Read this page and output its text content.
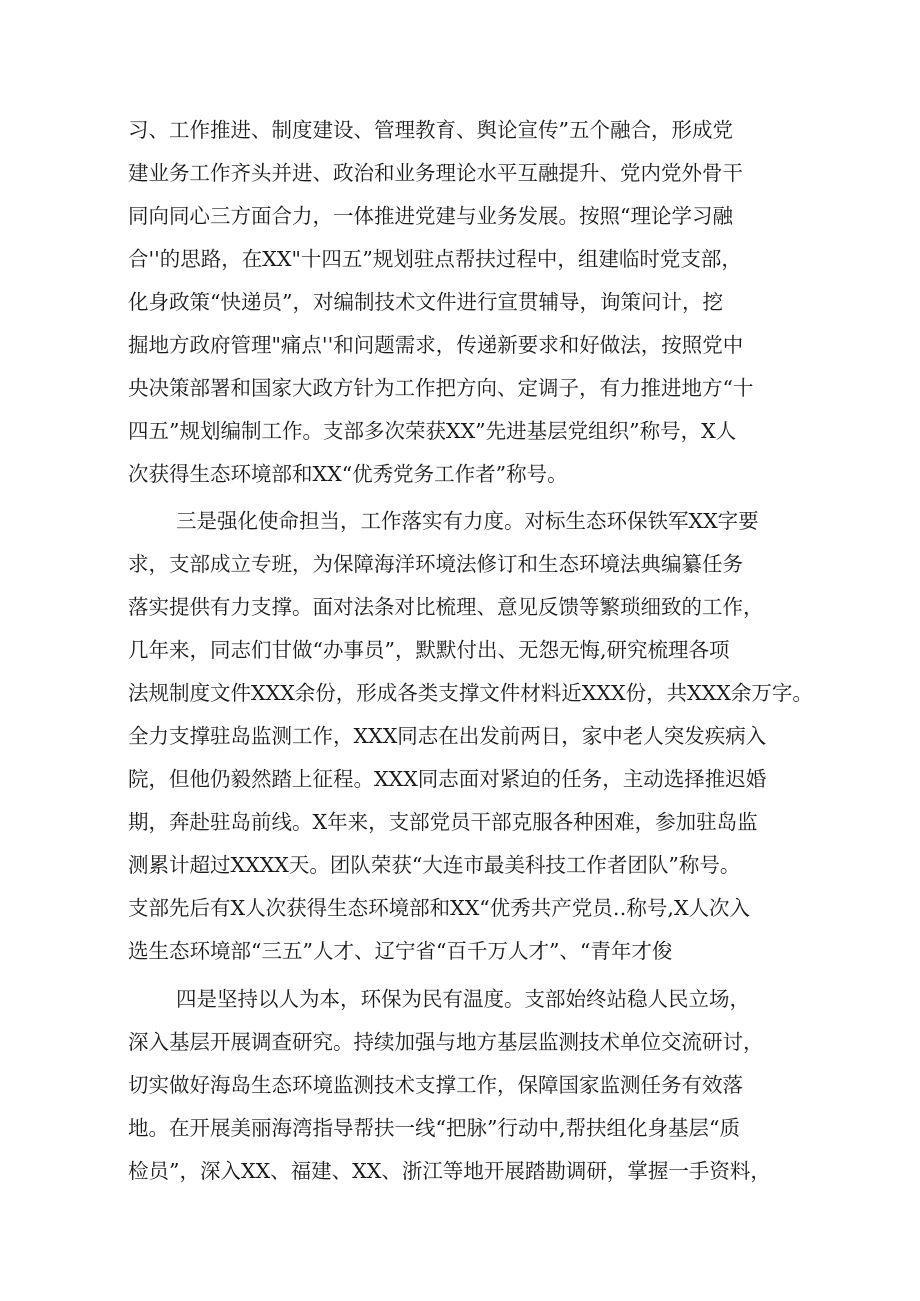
习、工作推进、制度建设、管理教育、舆论宣传”五个融合，形成党
建业务工作齐头并进、政治和业务理论水平互融提升、党内党外骨干
同向同心三方面合力，一体推进党建与业务发展。按照“理论学习融
合''的思路，在XX"十四五”规划驻点帮扶过程中，组建临时党支部，
化身政策“快递员”，对编制技术文件进行宣贯辅导，询策问计，挖
掘地方政府管理"痛点''和问题需求，传递新要求和好做法，按照党中
央决策部署和国家大政方针为工作把方向、定调子，有力推进地方“十
四五”规划编制工作。支部多次荣获XX”先进基层党组织”称号，X人
次获得生态环境部和XX“优秀党务工作者”称号。
三是强化使命担当，工作落实有力度。对标生态环保铁军XX字要
求，支部成立专班，为保障海洋环境法修订和生态环境法典编纂任务
落实提供有力支撑。面对法条对比梳理、意见反馈等繁琐细致的工作，
几年来，同志们甘做“办事员”，默默付出、无怨无悔,研究梳理各项
法规制度文件XXX余份，形成各类支撑文件材料近XXX份，共XXX余万字。
全力支撑驻岛监测工作，XXX同志在出发前两日，家中老人突发疾病入
院，但他仍毅然踏上征程。XXX同志面对紧迫的任务，主动选择推迟婚
期，奔赴驻岛前线。X年来，支部党员干部克服各种困难，参加驻岛监
测累计超过XXXX天。团队荣获“大连市最美科技工作者团队”称号。
支部先后有X人次获得生态环境部和XX“优秀共产党员‥称号,X人次入
选生态环境部“三五”人才、辽宁省“百千万人才”、“青年才俊
四是坚持以人为本，环保为民有温度。支部始终站稳人民立场，
深入基层开展调查研究。持续加强与地方基层监测技术单位交流研讨，
切实做好海岛生态环境监测技术支撑工作，保障国家监测任务有效落
地。在开展美丽海湾指导帮扶一线“把脉”行动中,帮扶组化身基层“质
检员”，深入XX、福建、XX、浙江等地开展踏勘调研，掌握一手资料，
